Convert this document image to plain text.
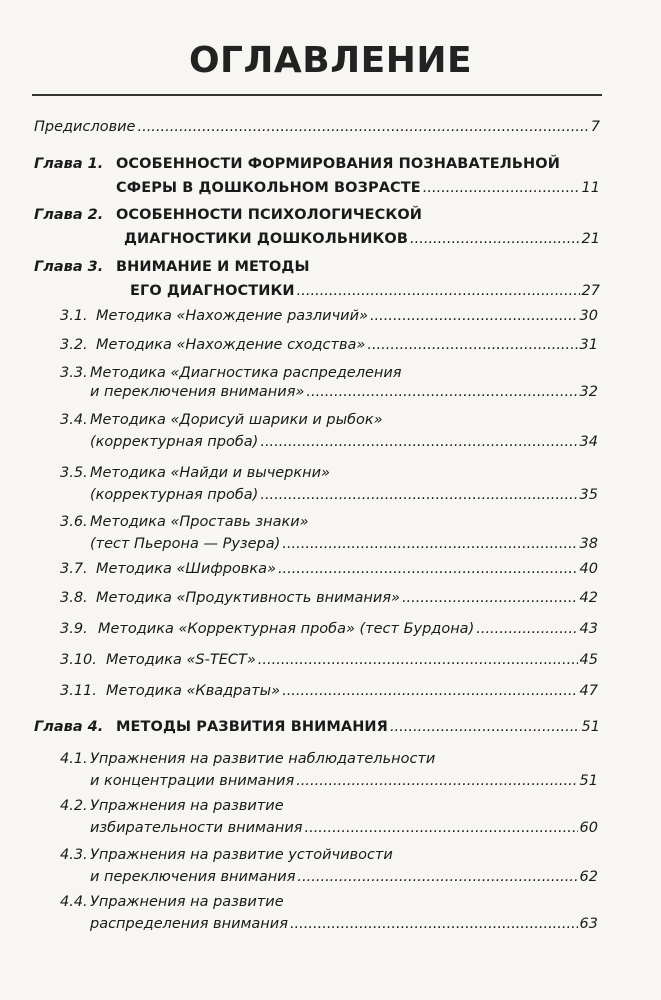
ОГЛАВЛЕНИЕ
Предисловие .....	7
Глава 1. ОСОБЕННОСТИ ФОРМИРОВАНИЯ ПОЗНАВАТЕЛЬНОЙ
СФЕРЫ В ДОШКОЛЬНОМ ВОЗРАСТЕ .....	11
Глава 2. ОСОБЕННОСТИ ПСИХОЛОГИЧЕСКОЙ
ДИАГНОСТИКИ ДОШКОЛЬНИКОВ .....	21
Глава 3. ВНИМАНИЕ И МЕТОДЫ
ЕГО ДИАГНОСТИКИ .....	27
3.1. Методика «Нахождение различий» .....	30
3.2. Методика «Нахождение сходства» .....	31
3.3. Методика «Диагностика распределения
и переключения внимания» .....	32
3.4. Методика «Дорисуй шарики и рыбок»
(корректурная проба) .....	34
3.5. Методика «Найди и вычеркни»
(корректурная проба) .....	35
3.6. Методика «Проставь знаки»
(тест Пьерона — Рузера) .....	38
3.7. Методика «Шифровка» .....	40
3.8. Методика «Продуктивность внимания» .....	42
3.9. Методика «Корректурная проба» (тест Бурдона) .....	43
3.10. Методика «S-ТЕСТ» .....	45
3.11. Методика «Квадраты» .....	47
Глава 4. МЕТОДЫ РАЗВИТИЯ ВНИМАНИЯ .....	51
4.1. Упражнения на развитие наблюдательности
и концентрации внимания .....	51
4.2. Упражнения на развитие
избирательности внимания .....	60
4.3. Упражнения на развитие устойчивости
и переключения внимания .....	62
4.4. Упражнения на развитие
распределения внимания .....	63
